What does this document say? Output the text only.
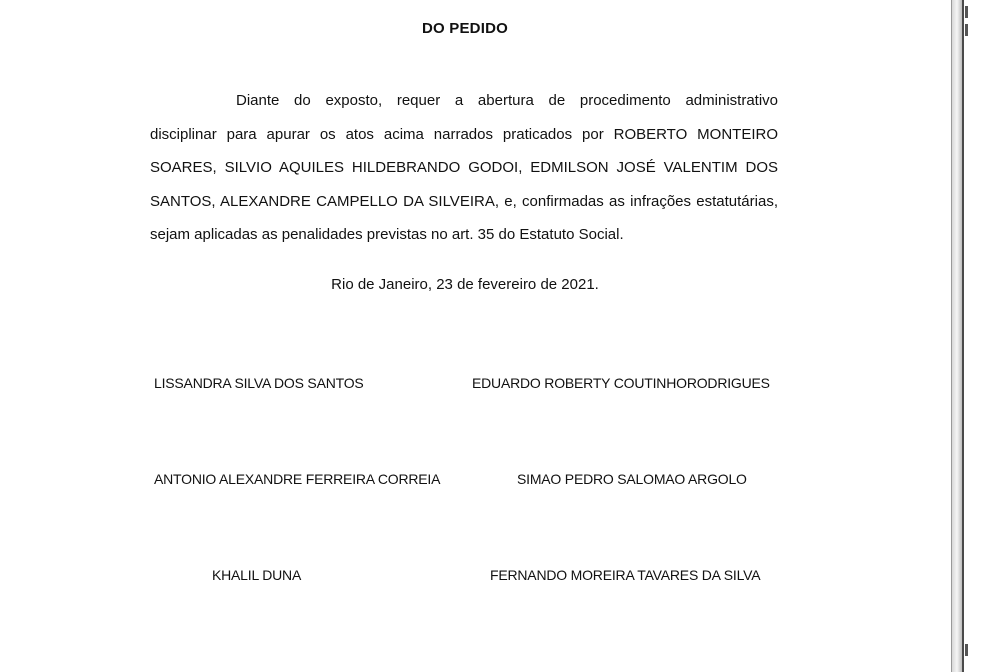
DO PEDIDO
Diante do exposto, requer a abertura de procedimento administrativo
disciplinar para apurar os atos acima narrados praticados por ROBERTO MONTEIRO
SOARES, SILVIO AQUILES HILDEBRANDO GODOI, EDMILSON JOSÉ VALENTIM DOS
SANTOS, ALEXANDRE CAMPELLO DA SILVEIRA, e, confirmadas as infrações estatutárias,
sejam aplicadas as penalidades previstas no art. 35 do Estatuto Social.
Rio de Janeiro, 23 de fevereiro de 2021.
LISSANDRA SILVA DOS SANTOS	EDUARDO ROBERTY COUTINHORODRIGUES
ANTONIO ALEXANDRE FERREIRA CORREIA	SIMAO PEDRO SALOMAO ARGOLO
KHALIL DUNA	FERNANDO MOREIRA TAVARES DA SILVA
